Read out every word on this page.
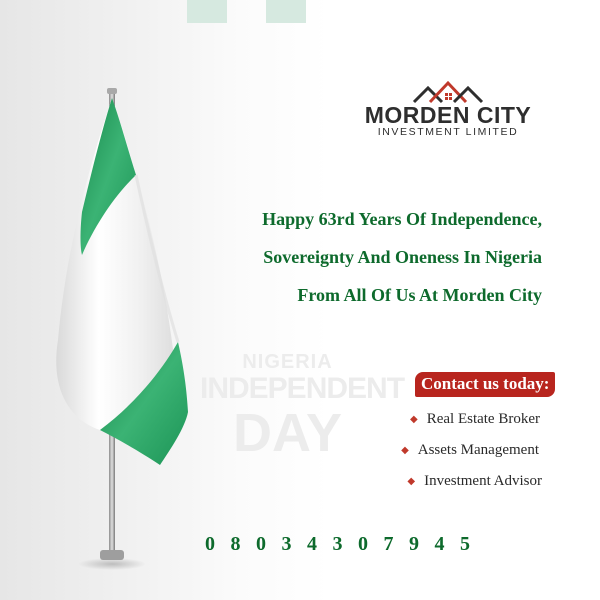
NIGERIA
INDEPENDENT
DAY
MORDEN CITY
INVESTMENT LIMITED
Happy 63rd Years Of Independence,
Sovereignty And Oneness In Nigeria
From All Of Us At Morden City
Contact us today:
◆ Real Estate Broker
◆ Assets Management
◆ Investment Advisor
08034307945
